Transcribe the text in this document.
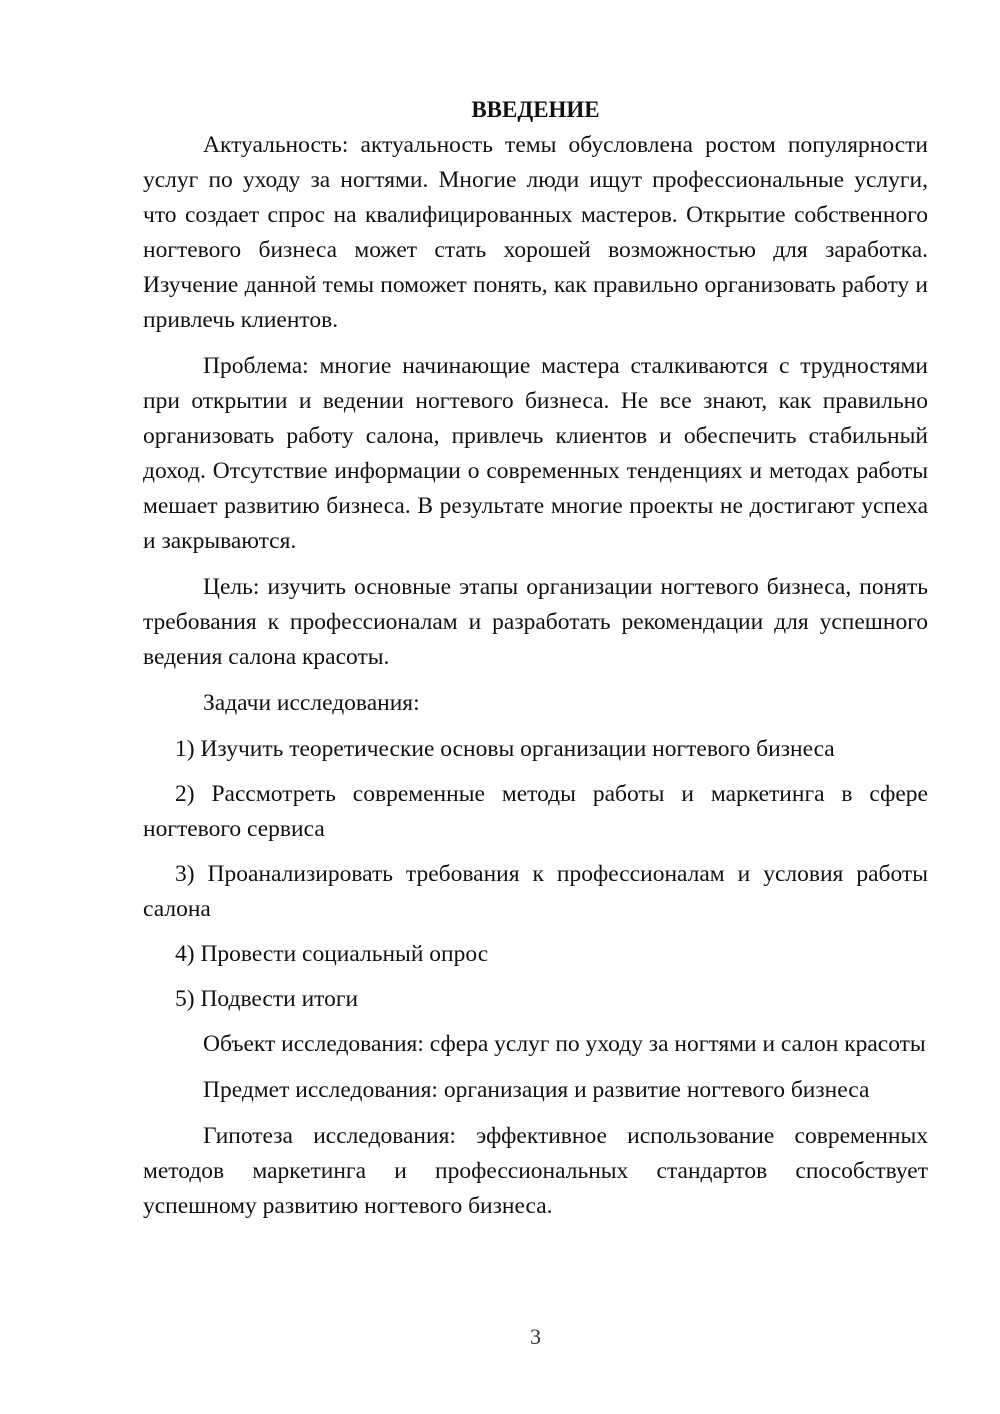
ВВЕДЕНИЕ

Актуальность: актуальность темы обусловлена ростом популярности услуг по уходу за ногтями. Многие люди ищут профессиональные услуги, что создает спрос на квалифицированных мастеров. Открытие собственного ногтевого бизнеса может стать хорошей возможностью для заработка. Изучение данной темы поможет понять, как правильно организовать работу и привлечь клиентов.

Проблема: многие начинающие мастера сталкиваются с трудностями при открытии и ведении ногтевого бизнеса. Не все знают, как правильно организовать работу салона, привлечь клиентов и обеспечить стабильный доход. Отсутствие информации о современных тенденциях и методах работы мешает развитию бизнеса. В результате многие проекты не достигают успеха и закрываются.

Цель: изучить основные этапы организации ногтевого бизнеса, понять требования к профессионалам и разработать рекомендации для успешного ведения салона красоты.

Задачи исследования:

1) Изучить теоретические основы организации ногтевого бизнеса

2) Рассмотреть современные методы работы и маркетинга в сфере ногтевого сервиса

3) Проанализировать требования к профессионалам и условия работы салона

4) Провести социальный опрос

5) Подвести итоги

Объект исследования: сфера услуг по уходу за ногтями и салон красоты

Предмет исследования: организация и развитие ногтевого бизнеса

Гипотеза исследования: эффективное использование современных методов маркетинга и профессиональных стандартов способствует успешному развитию ногтевого бизнеса.

3
